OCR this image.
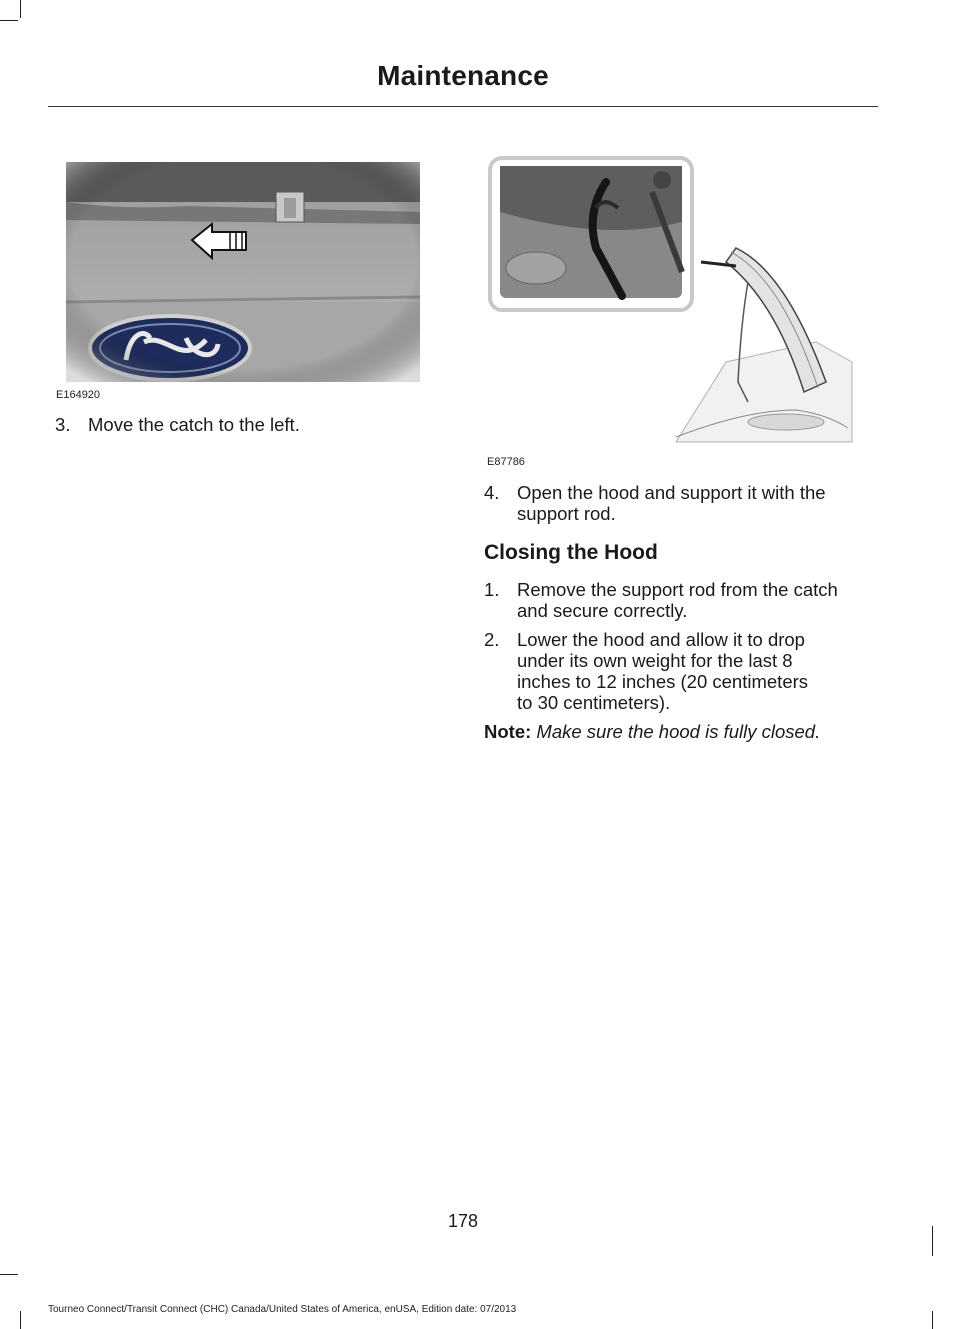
Maintenance
E164920
3. Move the catch to the left.
E87786
4. Open the hood and support it with the
support rod.
Closing the Hood
1. Remove the support rod from the catch
and secure correctly.
2. Lower the hood and allow it to drop
under its own weight for the last 8
inches to 12 inches (20 centimeters
to 30 centimeters).
Note: Make sure the hood is fully closed.
178
Tourneo Connect/Transit Connect (CHC) Canada/United States of America, enUSA, Edition date: 07/2013
